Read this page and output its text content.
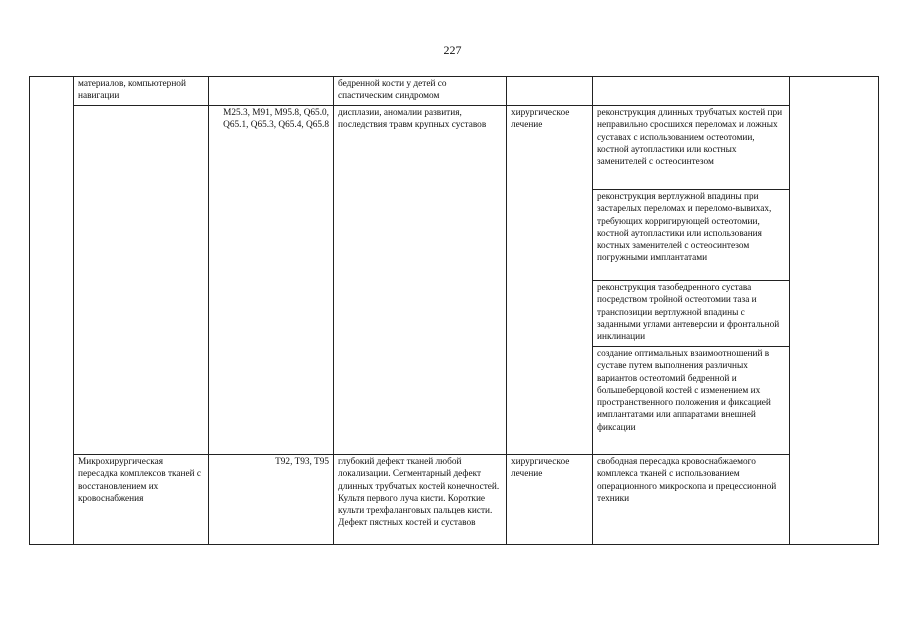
227
	материалов, компьютерной навигации		бедренной кости у детей со спастическим синдромом			
		M25.3, M91, M95.8, Q65.0, Q65.1, Q65.3, Q65.4, Q65.8	дисплазии, аномалии развития, последствия травм крупных суставов	хирургическое лечение	реконструкция длинных трубчатых костей при неправильно сросшихся переломах и ложных суставах с использованием остеотомии, костной аутопластики или костных заменителей с остеосинтезом	
					реконструкция вертлужной впадины при застарелых переломах и переломо-вывихах, требующих корригирующей остеотомии, костной аутопластики или использования костных заменителей с остеосинтезом погружными имплантатами	
					реконструкция тазобедренного сустава посредством тройной остеотомии таза и транспозиции вертлужной впадины с заданными углами антеверсии и фронтальной инклинации	
					создание оптимальных взаимоотношений в суставе путем выполнения различных вариантов остеотомий бедренной и большеберцовой костей с изменением их пространственного положения и фиксацией имплантатами или аппаратами внешней фиксации	
	Микрохирургическая пересадка комплексов тканей с восстановлением их кровоснабжения	T92, T93, T95	глубокий дефект тканей любой локализации. Сегментарный дефект длинных трубчатых костей конечностей. Культя первого луча кисти. Короткие культи трехфаланговых пальцев кисти. Дефект пястных костей и суставов	хирургическое лечение	свободная пересадка кровоснабжаемого комплекса тканей с использованием операционного микроскопа и прецессионной техники	
